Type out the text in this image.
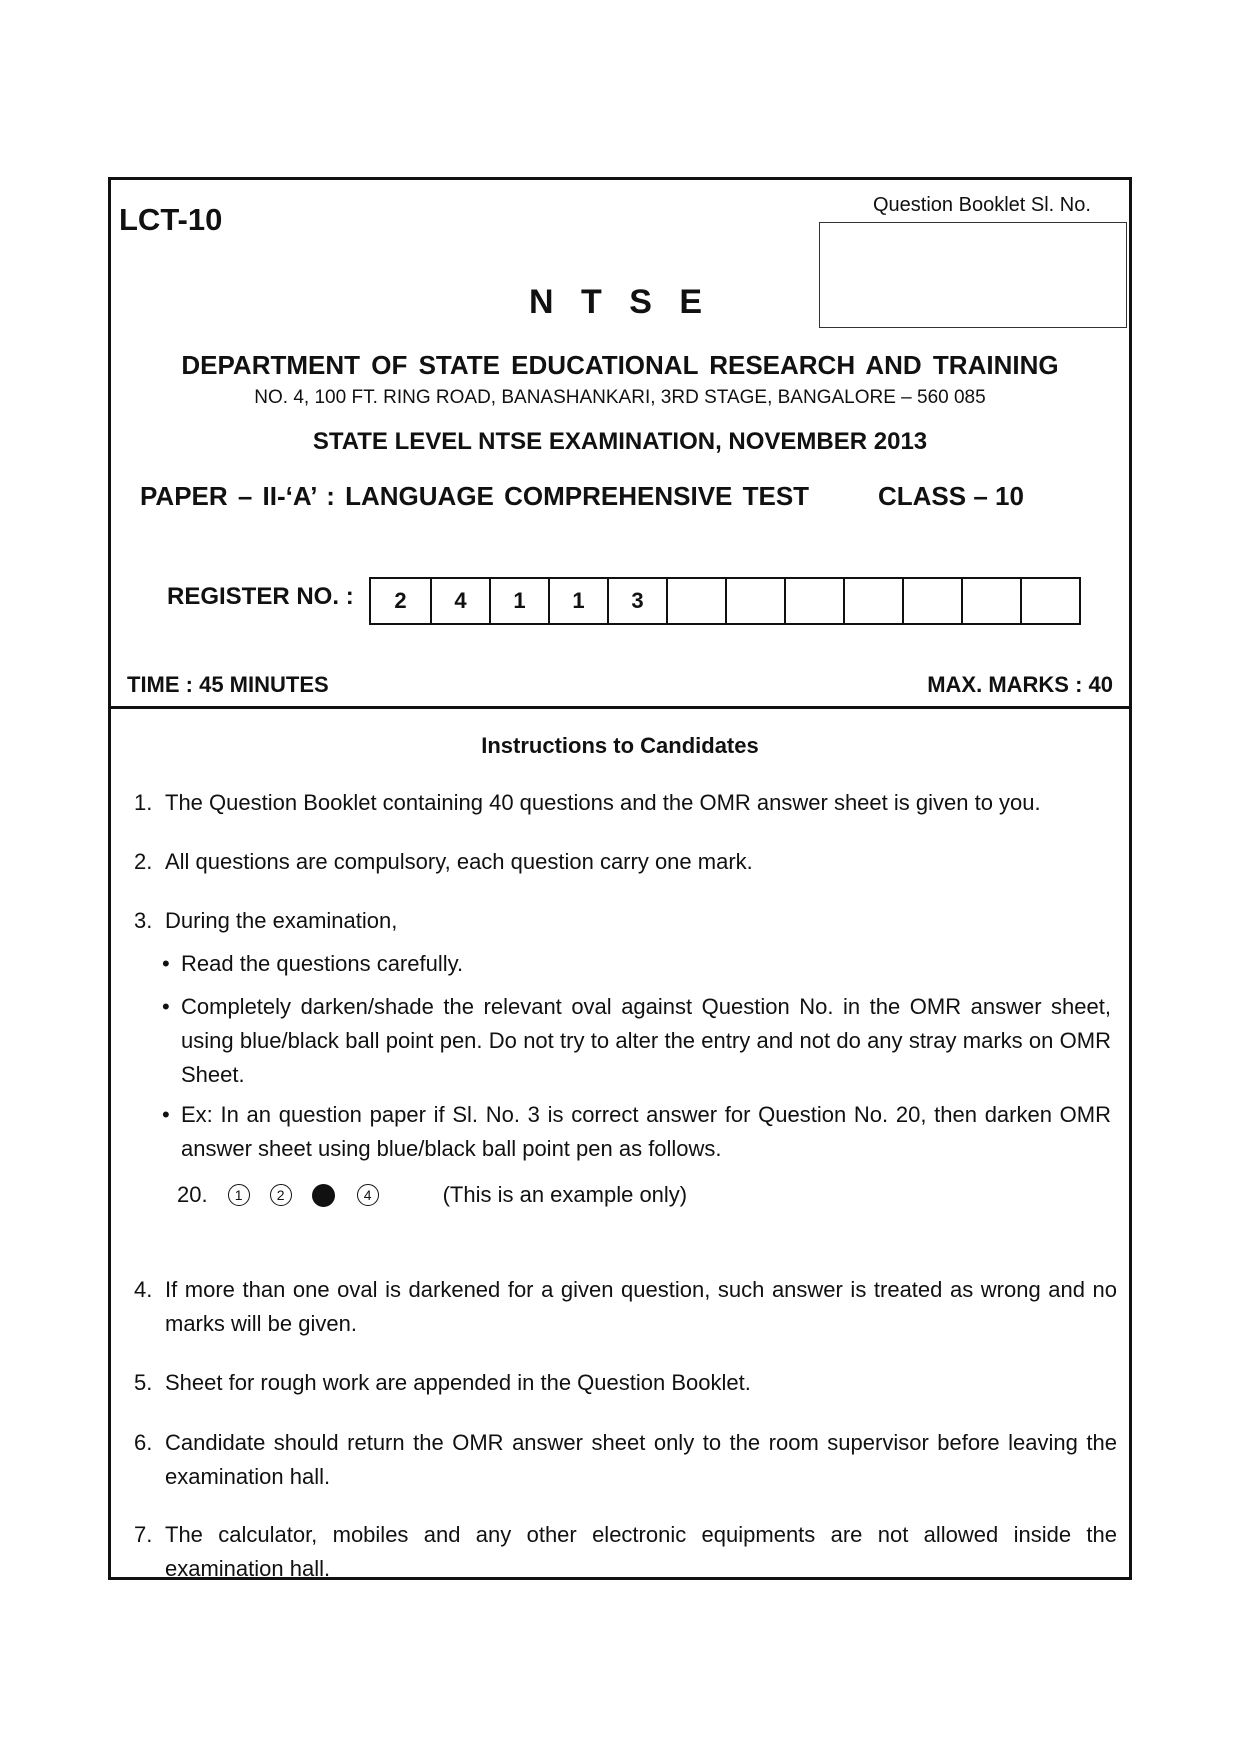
LCT-10	Question Booklet Sl. No.
N T S E
DEPARTMENT OF STATE EDUCATIONAL RESEARCH AND TRAINING
NO. 4, 100 FT. RING ROAD, BANASHANKARI, 3RD STAGE, BANGALORE – 560 085
STATE LEVEL NTSE EXAMINATION, NOVEMBER 2013
PAPER – II-‘A’ : LANGUAGE COMPREHENSIVE TEST	CLASS – 10
REGISTER NO. :	2	4	1	1	3
TIME : 45 MINUTES	MAX. MARKS : 40
Instructions to Candidates
1. The Question Booklet containing 40 questions and the OMR answer sheet is given to you.
2. All questions are compulsory, each question carry one mark.
3. During the examination,
• Read the questions carefully.
• Completely darken/shade the relevant oval against Question No. in the OMR answer sheet, using blue/black ball point pen. Do not try to alter the entry and not do any stray marks on OMR Sheet.
• Ex: In an question paper if Sl. No. 3 is correct answer for Question No. 20, then darken OMR answer sheet using blue/black ball point pen as follows.
20.	1	2	4	(This is an example only)
4. If more than one oval is darkened for a given question, such answer is treated as wrong and no marks will be given.
5. Sheet for rough work are appended in the Question Booklet.
6. Candidate should return the OMR answer sheet only to the room supervisor before leaving the examination hall.
7. The calculator, mobiles and any other electronic equipments are not allowed inside the examination hall.
